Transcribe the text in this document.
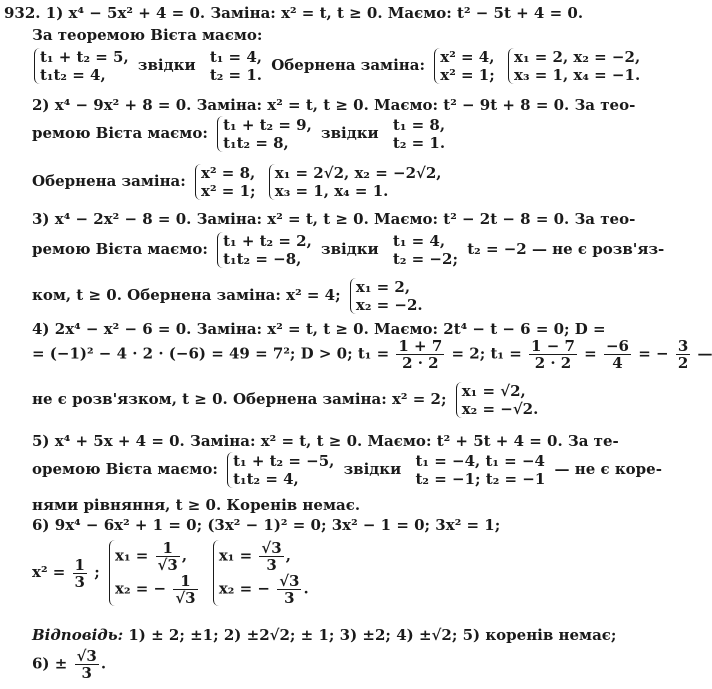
932. 1) x⁴ − 5x² + 4 = 0. Заміна: x² = t, t ≥ 0. Маємо: t² − 5t + 4 = 0.
За теоремою Вієта маємо:
t₁ + t₂ = 5,
t₁t₂ = 4, звідки t₁ = 4,
t₂ = 1. Обернена заміна: x² = 4,
x² = 1; x₁ = 2, x₂ = −2,
x₃ = 1, x₄ = −1.
2) x⁴ − 9x² + 8 = 0. Заміна: x² = t, t ≥ 0. Маємо: t² − 9t + 8 = 0. За тео-
ремою Вієта маємо: t₁ + t₂ = 9,
t₁t₂ = 8, звідки t₁ = 8,
t₂ = 1.
Обернена заміна: x² = 8,
x² = 1; x₁ = 2√2, x₂ = −2√2,
x₃ = 1, x₄ = 1.
3) x⁴ − 2x² − 8 = 0. Заміна: x² = t, t ≥ 0. Маємо: t² − 2t − 8 = 0. За тео-
ремою Вієта маємо: t₁ + t₂ = 2,
t₁t₂ = −8, звідки t₁ = 4,
t₂ = −2; t₂ = −2 — не є розв'яз-
ком, t ≥ 0. Обернена заміна: x² = 4; x₁ = 2,
x₂ = −2.
4) 2x⁴ − x² − 6 = 0. Заміна: x² = t, t ≥ 0. Маємо: 2t⁴ − t − 6 = 0; D =
= (−1)² − 4 · 2 · (−6) = 49 = 7²; D > 0; $t_1 = \frac{1 + 7}{2 \cdot 2} = 2$; $t_1 = \frac{1 - 7}{2 \cdot 2} = \frac{-6}{4}$ = − $\frac{3}{2}$ —
не є розв'язком, t ≥ 0. Обернена заміна: x² = 2; x₁ = √2,
x₂ = −√2.
5) x⁴ + 5x + 4 = 0. Заміна: x² = t, t ≥ 0. Маємо: t² + 5t + 4 = 0. За те-
оремою Вієта маємо: t₁ + t₂ = −5,
t₁t₂ = 4, звідки t₁ = −4, t₁ = −4
t₂ = −1; t₂ = −1 — не є коре-
нями рівняння, t ≥ 0. Коренів немає.
6) 9x⁴ − 6x² + 1 = 0; (3x² − 1)² = 0; 3x² − 1 = 0; 3x² = 1;
$x^2 = \frac{1}{3}$ ; $x_1 = \frac{1}{√3}$ ,
x₂ = − $\frac{1}{√3}$
$x_1 = \frac{√3}{3}$ ,
x₂ = − $\frac{√3}{3}$ .
Відповідь: 1) ± 2; ±1; 2) ±2√2; ± 1; 3) ±2; 4) ±√2; 5) коренів немає;
$6) \pm \frac{√3}{3}$ .
